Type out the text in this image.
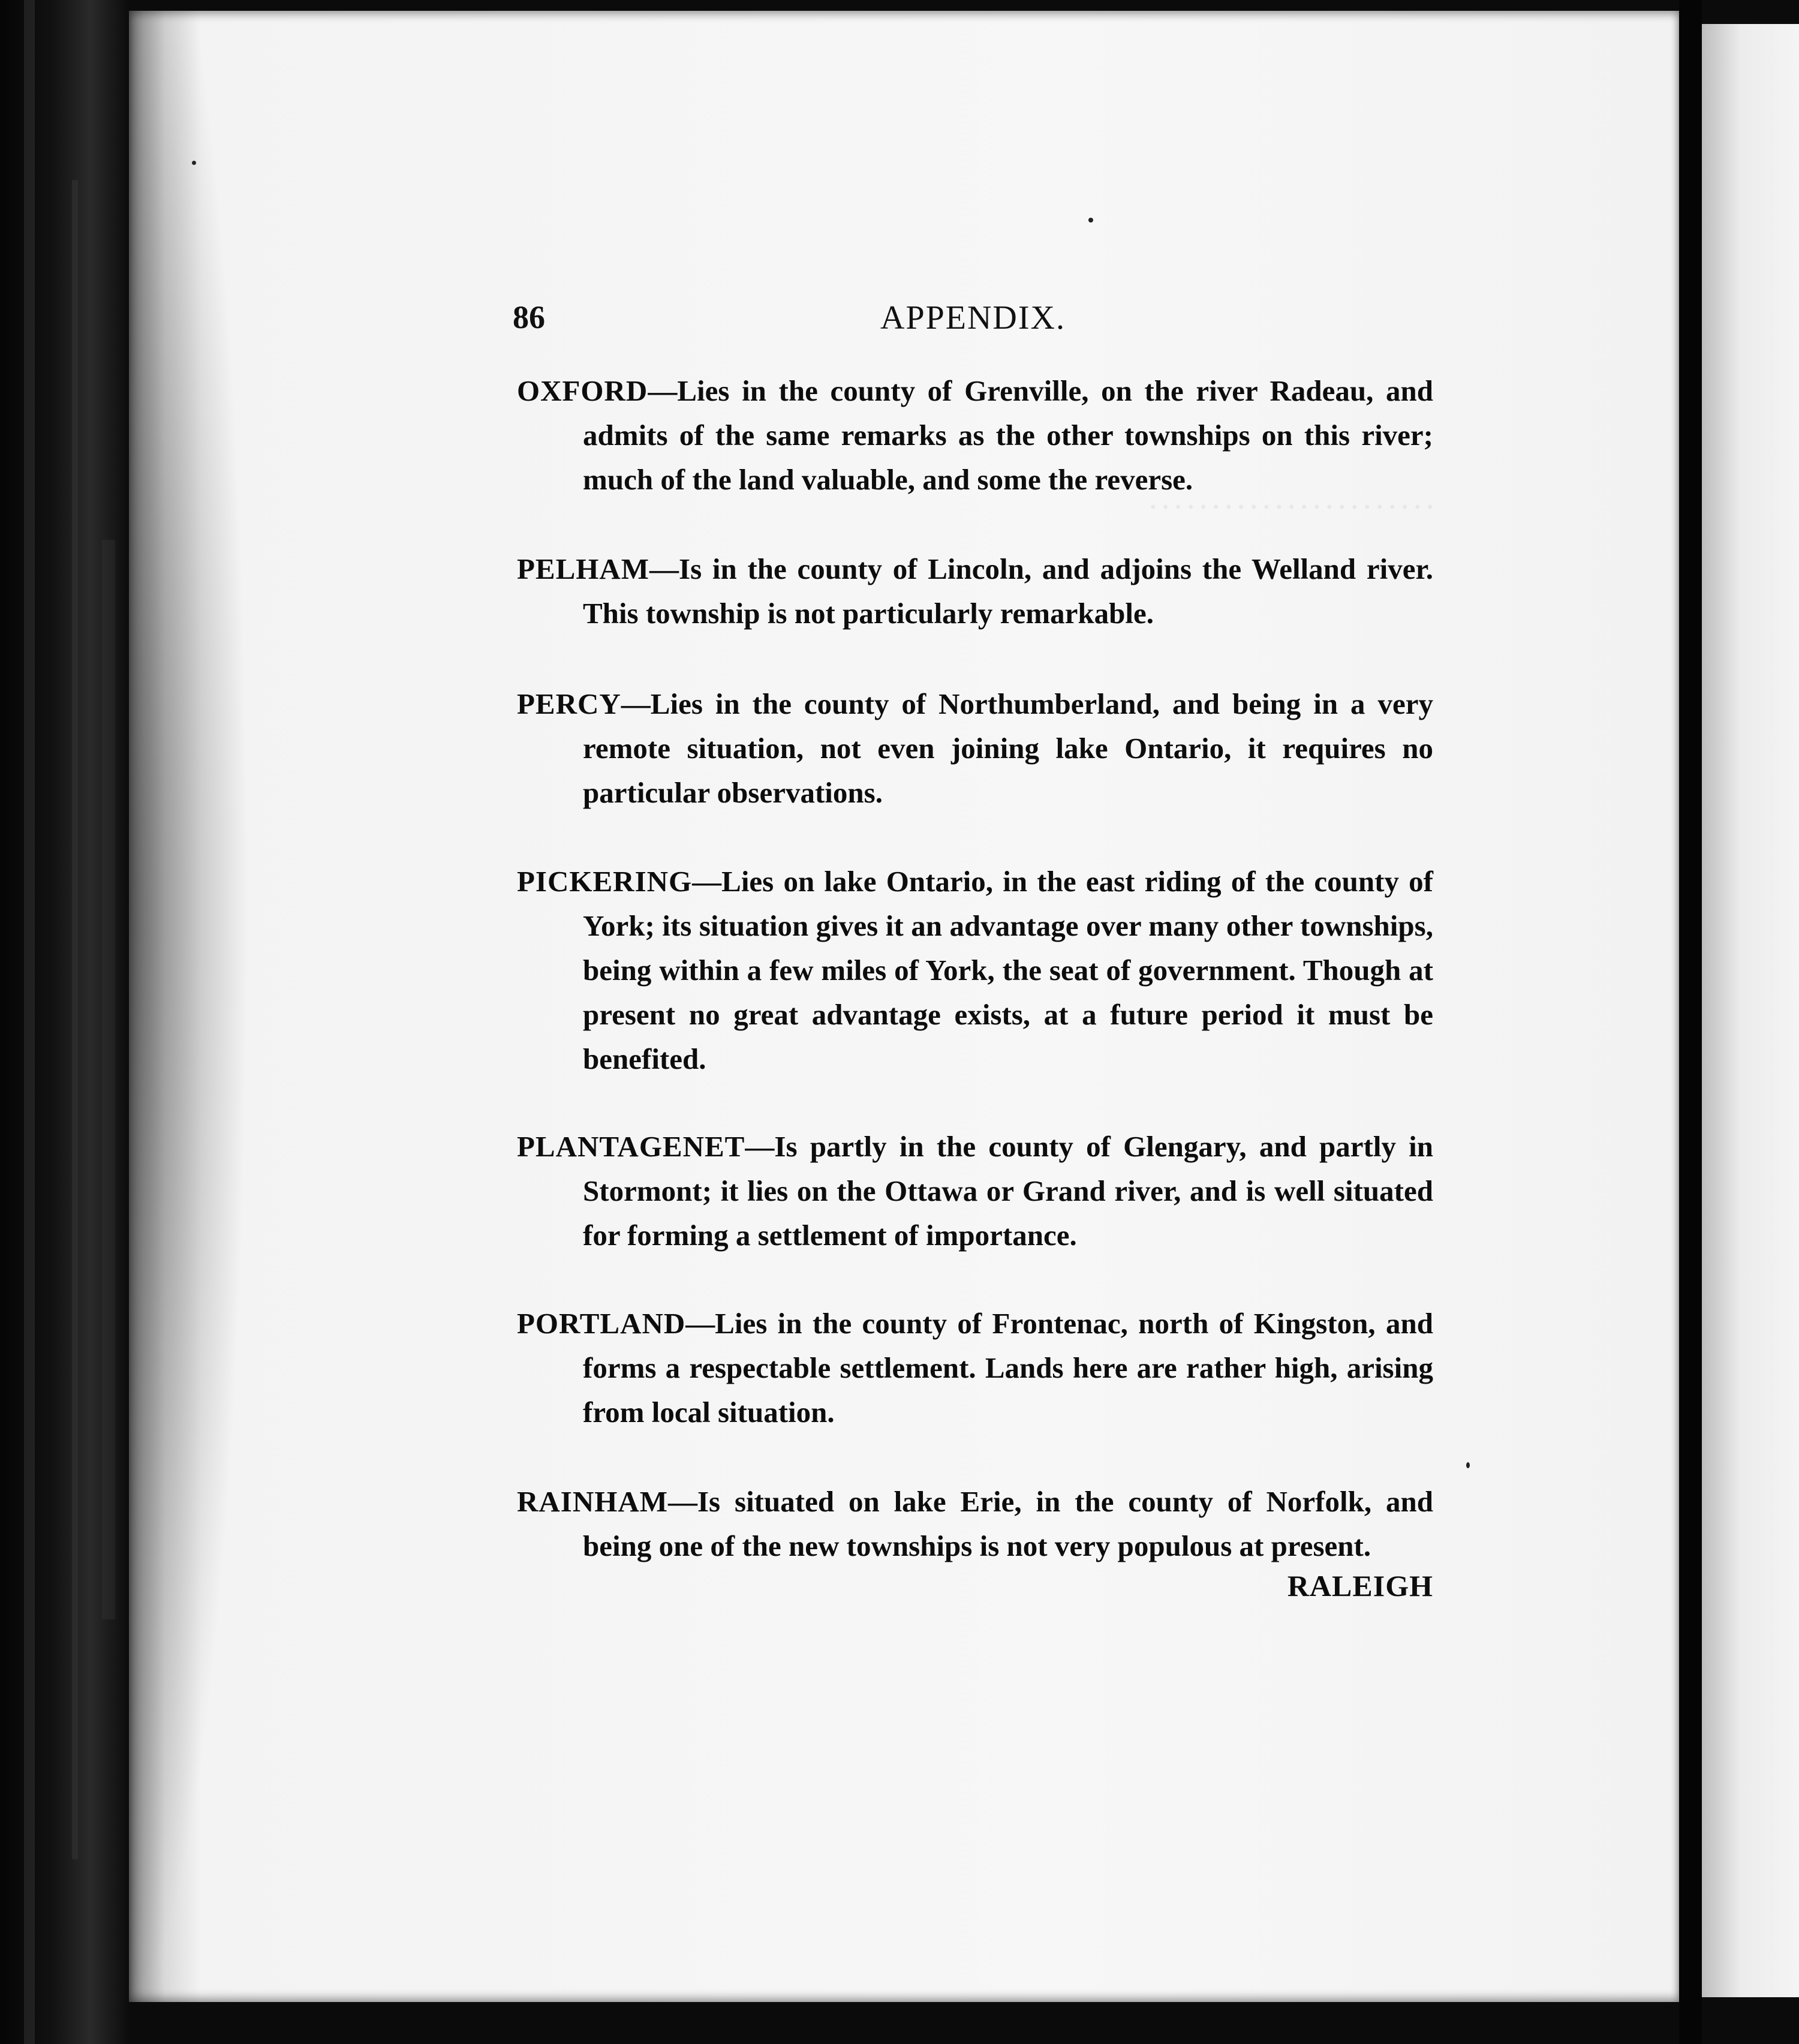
. . . . . . . . . . . . . . . . . . . . . . .
86	APPENDIX.

OXFORD—Lies in the county of Grenville, on the river Radeau, and admits of the same remarks as the other townships on this river; much of the land valuable, and some the reverse.

PELHAM—Is in the county of Lincoln, and adjoins the Welland river. This township is not particularly remarkable.

PERCY—Lies in the county of Northumberland, and being in a very remote situation, not even joining lake Ontario, it requires no particular observations.

PICKERING—Lies on lake Ontario, in the east riding of the county of York; its situation gives it an advantage over many other townships, being within a few miles of York, the seat of government. Though at present no great advantage exists, at a future period it must be benefited.

PLANTAGENET—Is partly in the county of Glengary, and partly in Stormont; it lies on the Ottawa or Grand river, and is well situated for forming a settlement of importance.

PORTLAND—Lies in the county of Frontenac, north of Kingston, and forms a respectable settlement. Lands here are rather high, arising from local situation.

RAINHAM—Is situated on lake Erie, in the county of Norfolk, and being one of the new townships is not very populous at present.

RALEIGH
